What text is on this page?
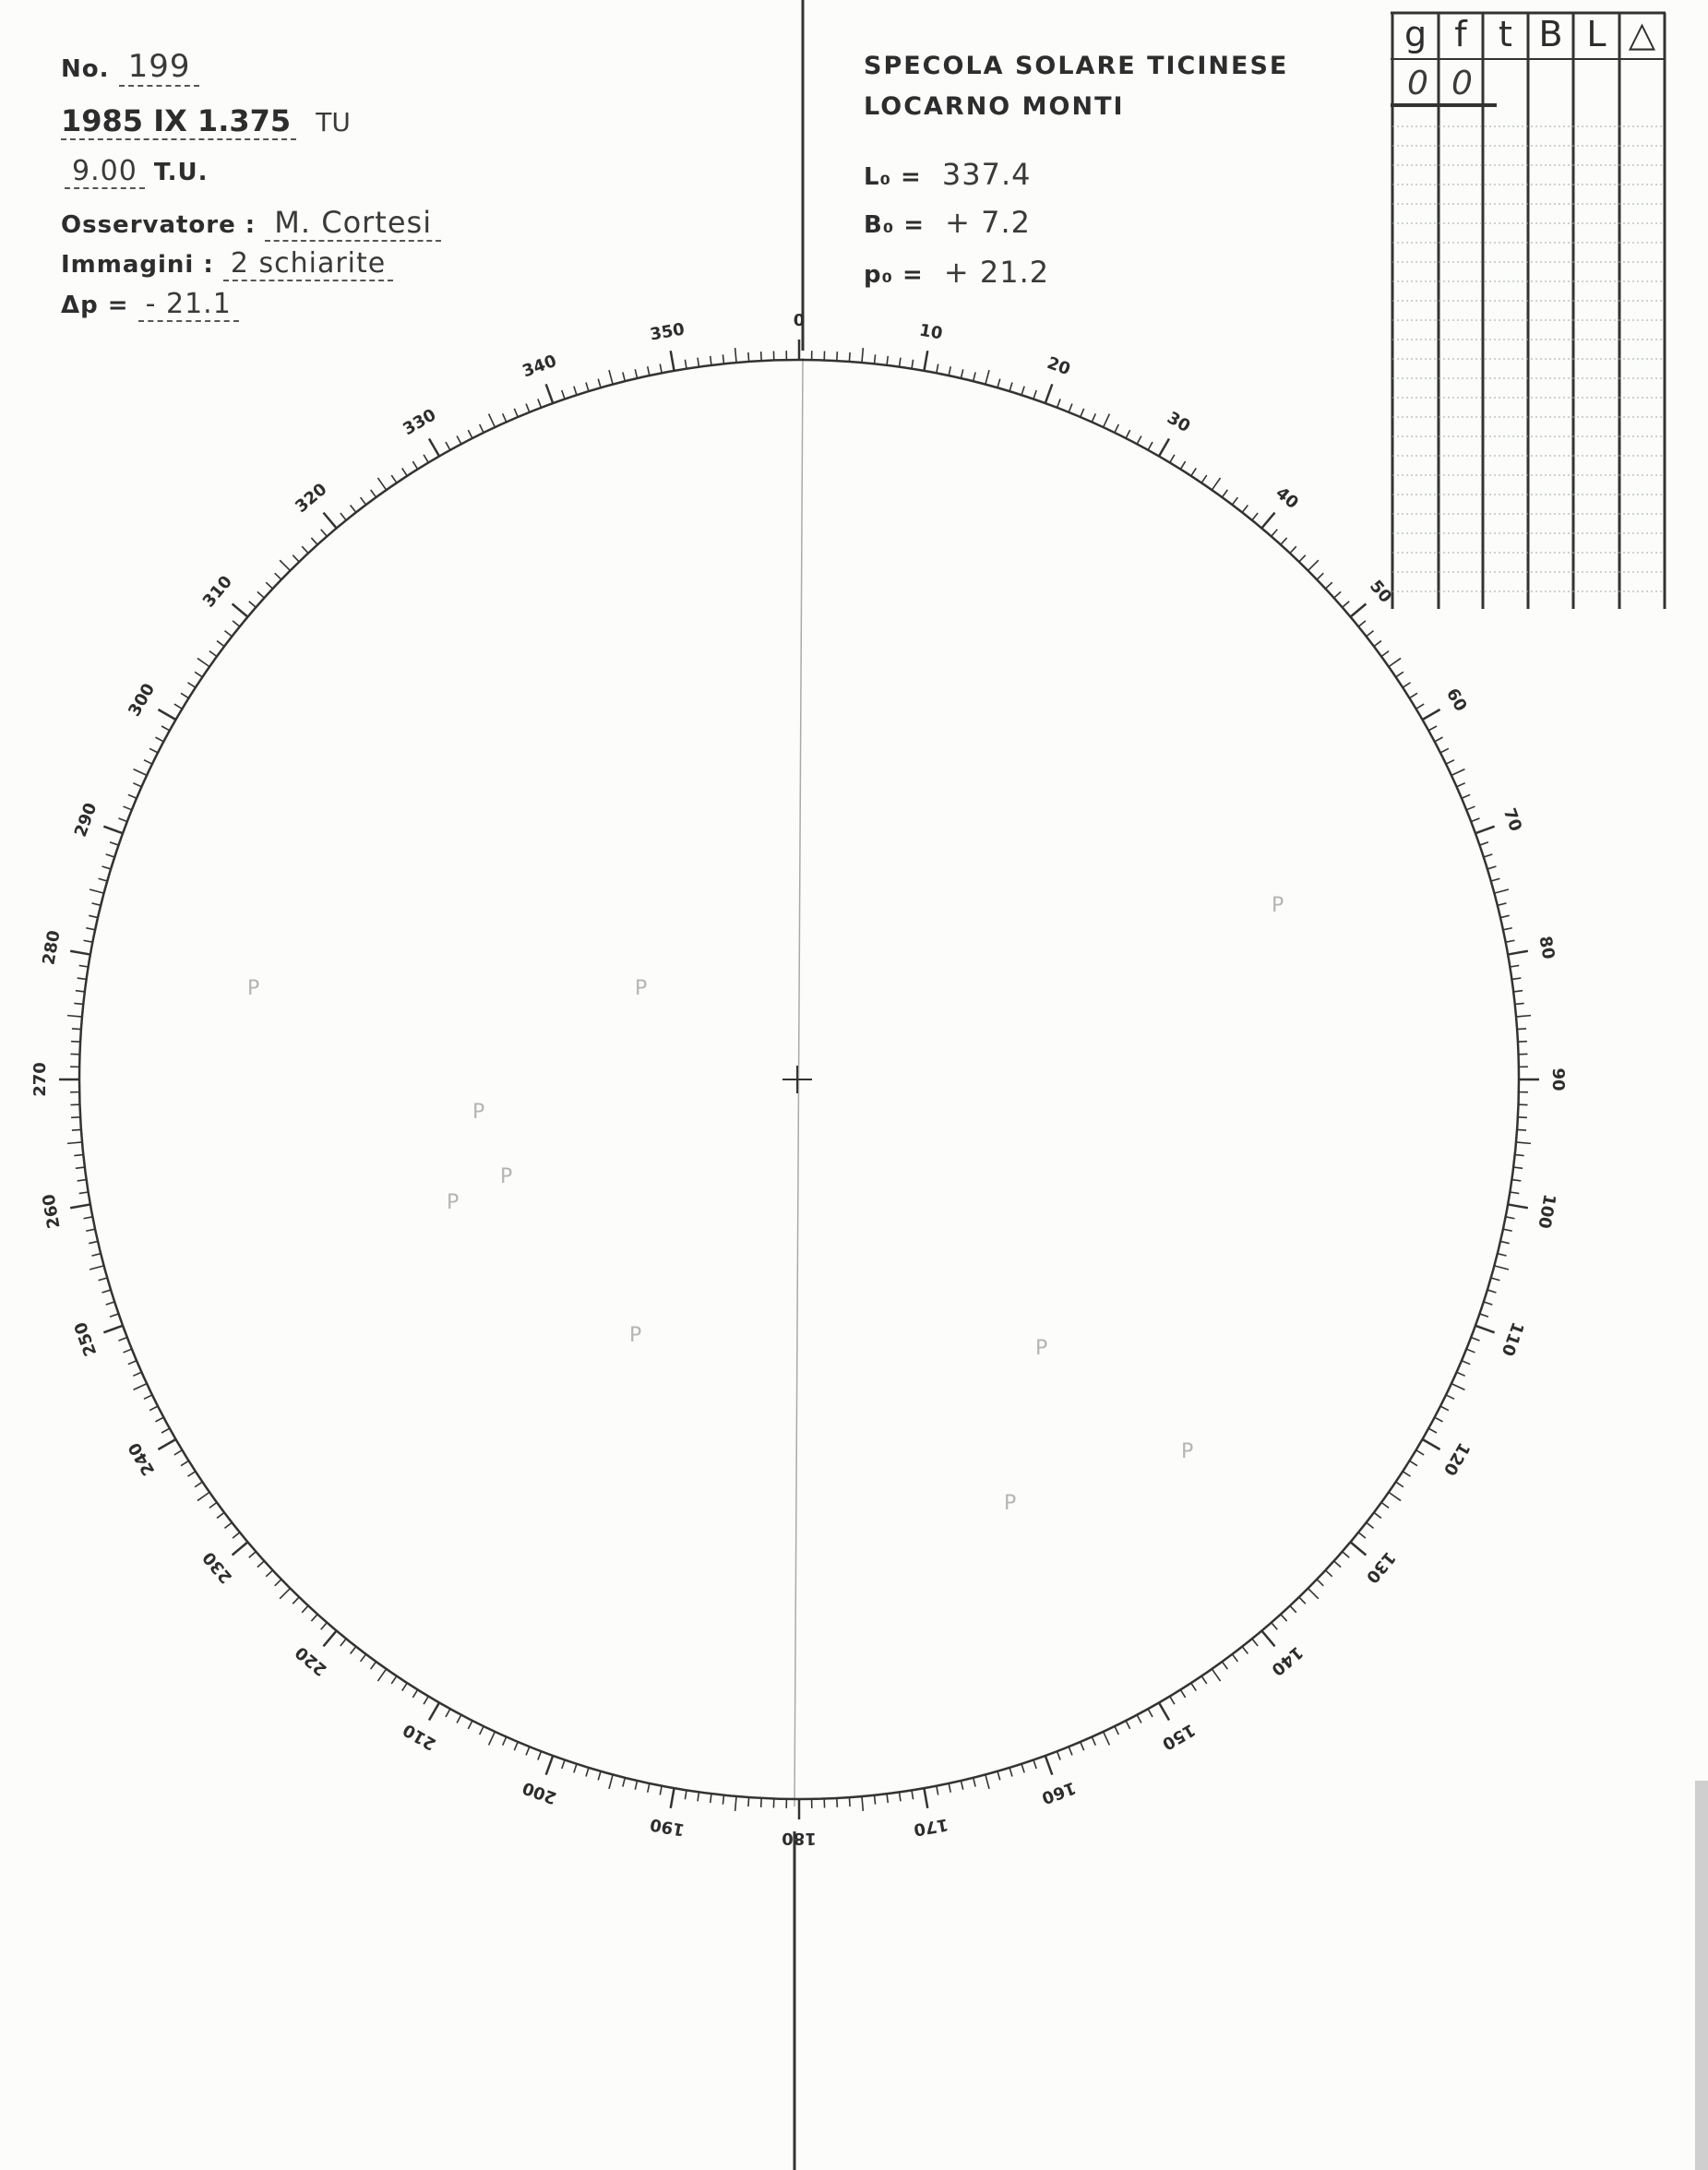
No. 199
1985 IX 1.375 TU
9.00 T.U.
Osservatore : M. Cortesi
Immagini : 2 schiarite
Δp = - 21.1
SPECOLA SOLARE TICINESE
LOCARNO MONTI
L₀ = 337.4
B₀ = + 7.2
p₀ = + 21.2
g f t B L △
0 0
0	10
20
30
40
50
60
70
80
90
100
110
120
130
140
150
160
170
180
190
200
210
220
230
240
250
260
270
280
290
300
310
320
330
340
350
P	P
P
P
P
P
P
P
P
P
